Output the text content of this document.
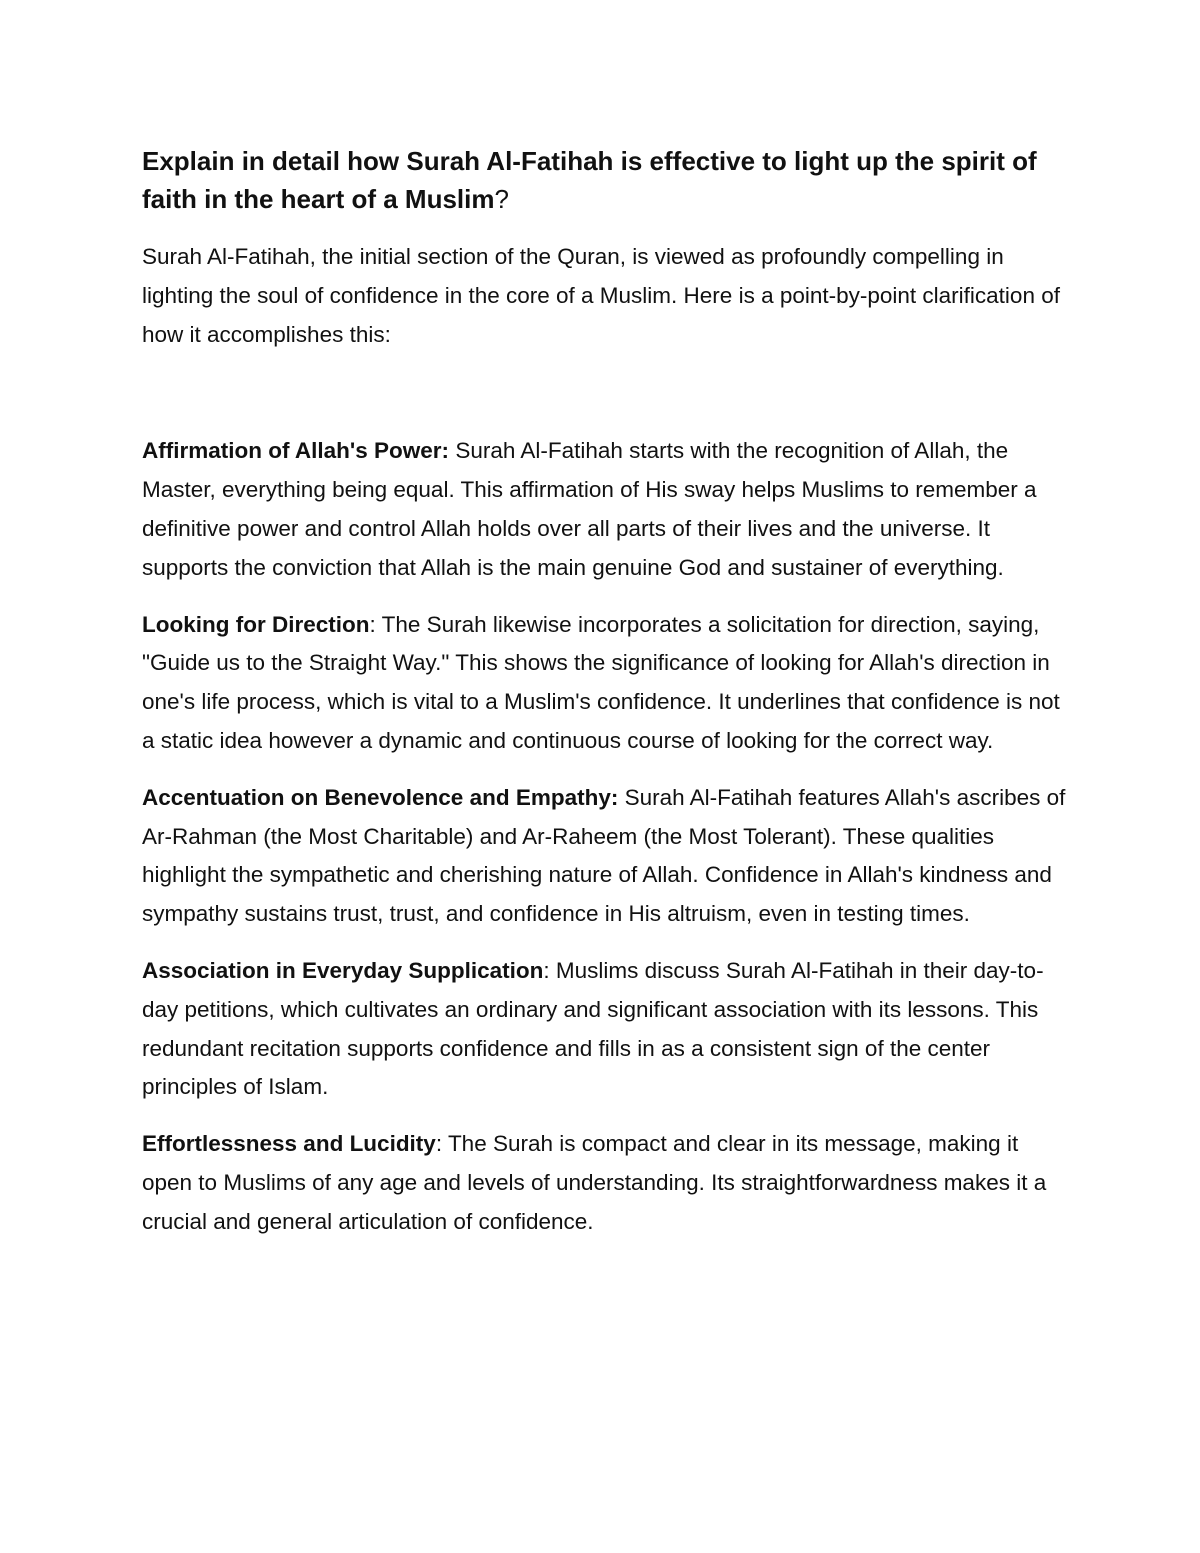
Explain in detail how Surah Al-Fatihah is effective to light up the spirit of faith in the heart of a Muslim?

Surah Al-Fatihah, the initial section of the Quran, is viewed as profoundly compelling in lighting the soul of confidence in the core of a Muslim. Here is a point-by-point clarification of how it accomplishes this:

Affirmation of Allah's Power: Surah Al-Fatihah starts with the recognition of Allah, the Master, everything being equal. This affirmation of His sway helps Muslims to remember a definitive power and control Allah holds over all parts of their lives and the universe. It supports the conviction that Allah is the main genuine God and sustainer of everything.

Looking for Direction: The Surah likewise incorporates a solicitation for direction, saying, "Guide us to the Straight Way." This shows the significance of looking for Allah's direction in one's life process, which is vital to a Muslim's confidence. It underlines that confidence is not a static idea however a dynamic and continuous course of looking for the correct way.

Accentuation on Benevolence and Empathy: Surah Al-Fatihah features Allah's ascribes of Ar-Rahman (the Most Charitable) and Ar-Raheem (the Most Tolerant). These qualities highlight the sympathetic and cherishing nature of Allah. Confidence in Allah's kindness and sympathy sustains trust, trust, and confidence in His altruism, even in testing times.

Association in Everyday Supplication: Muslims discuss Surah Al-Fatihah in their day-to-day petitions, which cultivates an ordinary and significant association with its lessons. This redundant recitation supports confidence and fills in as a consistent sign of the center principles of Islam.

Effortlessness and Lucidity: The Surah is compact and clear in its message, making it open to Muslims of any age and levels of understanding. Its straightforwardness makes it a crucial and general articulation of confidence.
